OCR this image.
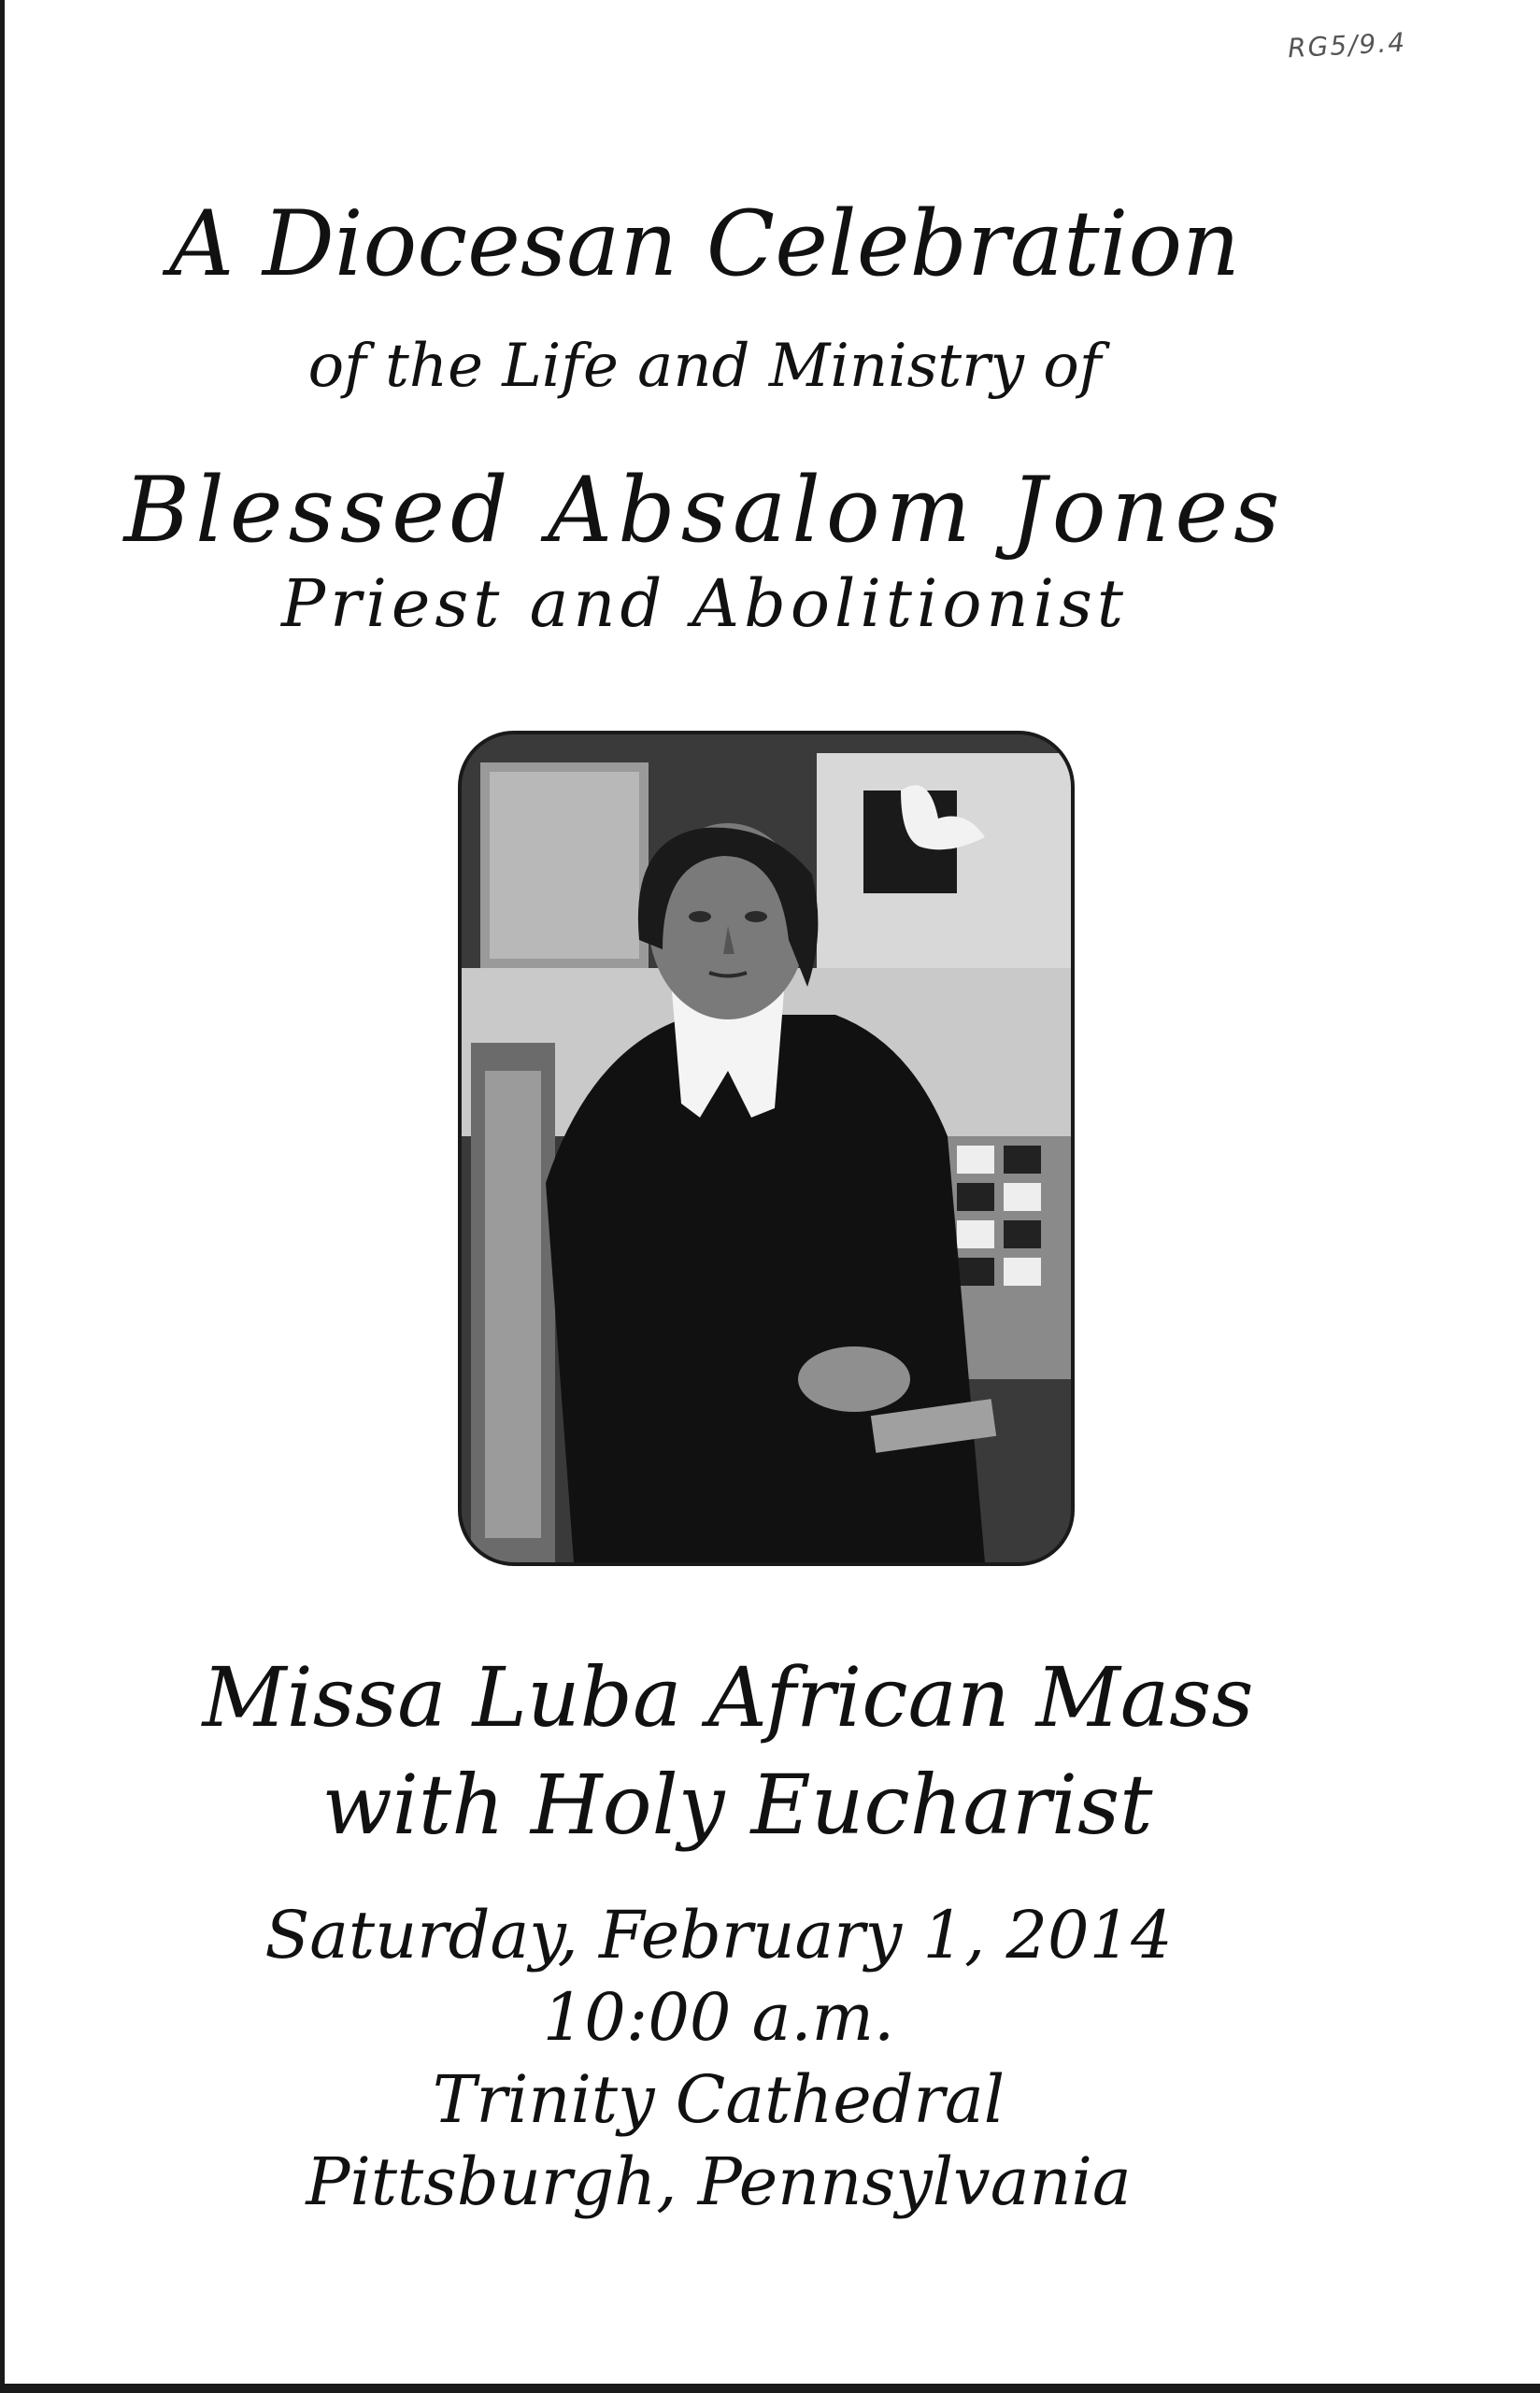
RG5/9.4
A Diocesan Celebration
of the Life and Ministry of
Blessed Absalom Jones
Priest and Abolitionist
Missa Luba African Mass
with Holy Eucharist
Saturday, February 1, 2014
10:00 a.m.
Trinity Cathedral
Pittsburgh, Pennsylvania
